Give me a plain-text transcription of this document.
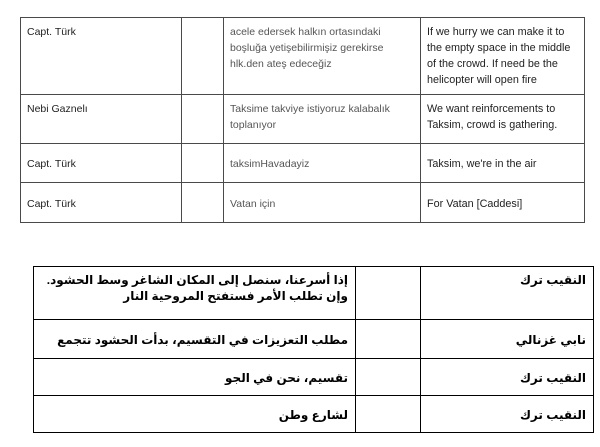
Capt. Türk		acele edersek halkın ortasındaki boşluğa yetişebilirmişiz gerekirse hlk.den ateş edeceğiz	If we hurry we can make it to the empty space in the middle of the crowd. If need be the helicopter will open fire
Nebi Gaznelı		Taksime takviye istiyoruz kalabalık toplanıyor	We want reinforcements to Taksim, crowd is gathering.
Capt. Türk		taksimHavadayiz	Taksim, we're in the air
Capt. Türk		Vatan için	For Vatan [Caddesi]
إذا أسرعنا، سنصل إلى المكان الشاغر وسط الحشود. وإن تطلب الأمر فستفتح المروحية النار		النقيب ترك
مطلب التعزيزات في التقسيم، بدأت الحشود تتجمع		نابي غزنالي
تقسيم، نحن في الجو		النقيب ترك
لشارع وطن		النقيب ترك
